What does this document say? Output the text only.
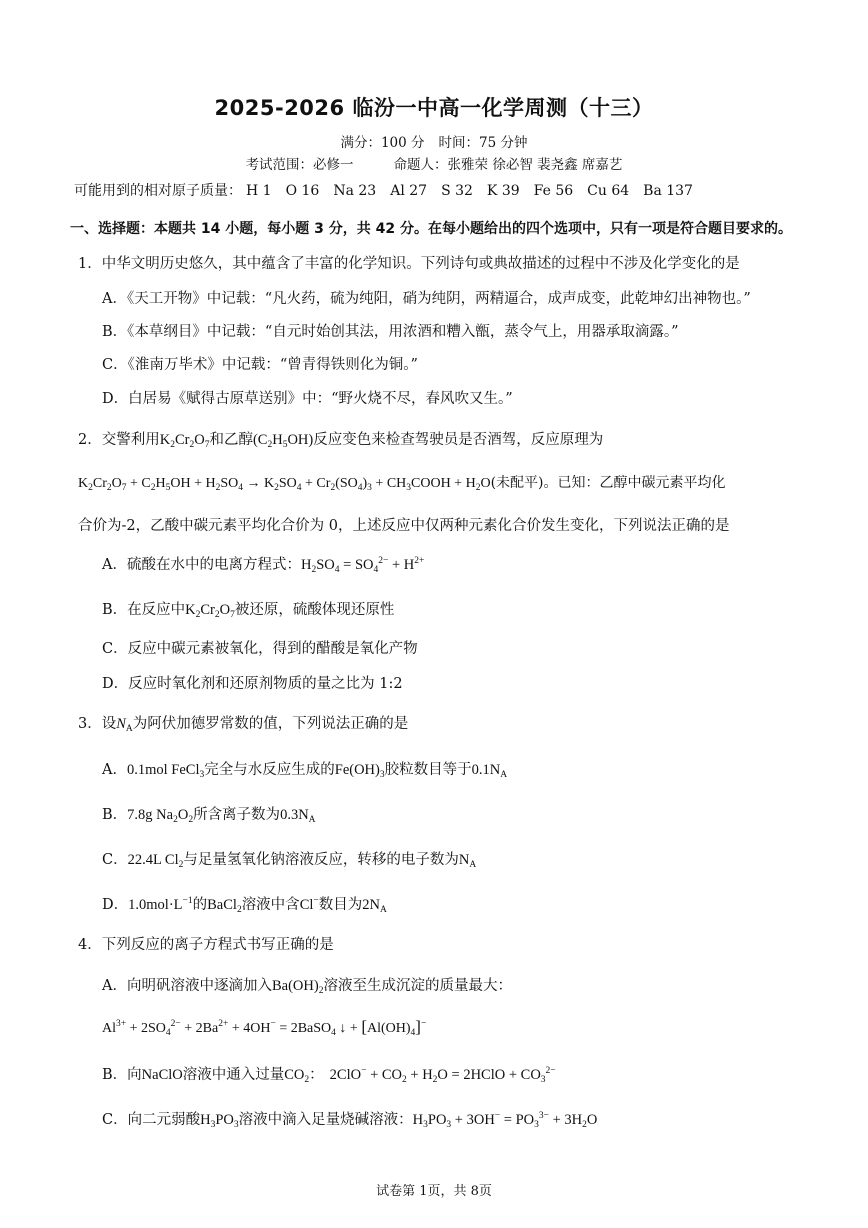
2025-2026 临汾一中高一化学周测（十三）
满分：100 分 时间：75 分钟
考试范围：必修一	命题人：张雅荣 徐必智 裴尧鑫 席嘉艺
可能用到的相对原子质量： H 1 O 16 Na 23 Al 27 S 32 K 39 Fe 56 Cu 64 Ba 137
一、选择题：本题共 14 小题，每小题 3 分，共 42 分。在每小题给出的四个选项中，只有一项是符合题目要求的。
1．中华文明历史悠久，其中蕴含了丰富的化学知识。下列诗句或典故描述的过程中不涉及化学变化的是
A．《天工开物》中记载：“凡火药，硫为纯阳，硝为纯阴，两精逼合，成声成变，此乾坤幻出神物也。”
B．《本草纲目》中记载：“自元时始创其法，用浓酒和糟入甑，蒸令气上，用器承取滴露。”
C．《淮南万毕术》中记载：“曾青得铁则化为铜。”
D．白居易《赋得古原草送别》中：“野火烧不尽，春风吹又生。”
2．交警利用$K_2Cr_2O_7$和乙醇$(C_2H_5OH)$反应变色来检查驾驶员是否酒驾，反应原理为
$K_2Cr_2O_7 + C_2H_5OH + H_2SO_4 \to K_2SO_4 + Cr_2(SO_4)_3$ + $CH_3COOH + H_2O$(未配平)。已知：乙醇中碳元素平均化
合价为-2，乙酸中碳元素平均化合价为 0，上述反应中仅两种元素化合价发生变化，下列说法正确的是
A．硫酸在水中的电离方程式：$H_2SO_4 = SO_4^{2-} + H^{2+}$
B．在反应中$K_2Cr_2O_7$被还原，硫酸体现还原性
C．反应中碳元素被氧化，得到的醋酸是氧化产物
D．反应时氧化剂和还原剂物质的量之比为 1:2
3．设$N_A$为阿伏加德罗常数的值，下列说法正确的是
A．0.1mol FeCl$_3$完全与水反应生成的$Fe(OH)_3$胶粒数目等于$0.1N_A$
B．7.8g $Na_2O_2$所含离子数为$0.3N_A$
C．22.4L $Cl_2$与足量氢氧化钠溶液反应，转移的电子数为$N_A$
D．$1.0mol\cdot L^{-1}$的BaCl$_2$溶液中含Cl−数目为$2N_A$
4．下列反应的离子方程式书写正确的是
A．向明矾溶液中逐滴加入$Ba(OH)_2$溶液至生成沉淀的质量最大：
$Al^{3+} + 2SO_4^{2-} + 2Ba^{2+} + 4OH^-$ = 2BaSO$_4$ ↓ + $[Al(OH)_4]^-$
B．向NaClO溶液中通入过量$CO_2$： $2ClO^- + CO_2 + H_2O$ = 2HClO + $CO_3^{2-}$
C．向二元弱酸$H_3PO_3$溶液中滴入足量烧碱溶液：$H_3PO_3 + 3OH^- = PO_3^{3-} + 3H_2O$
试卷第 1页，共 8页
